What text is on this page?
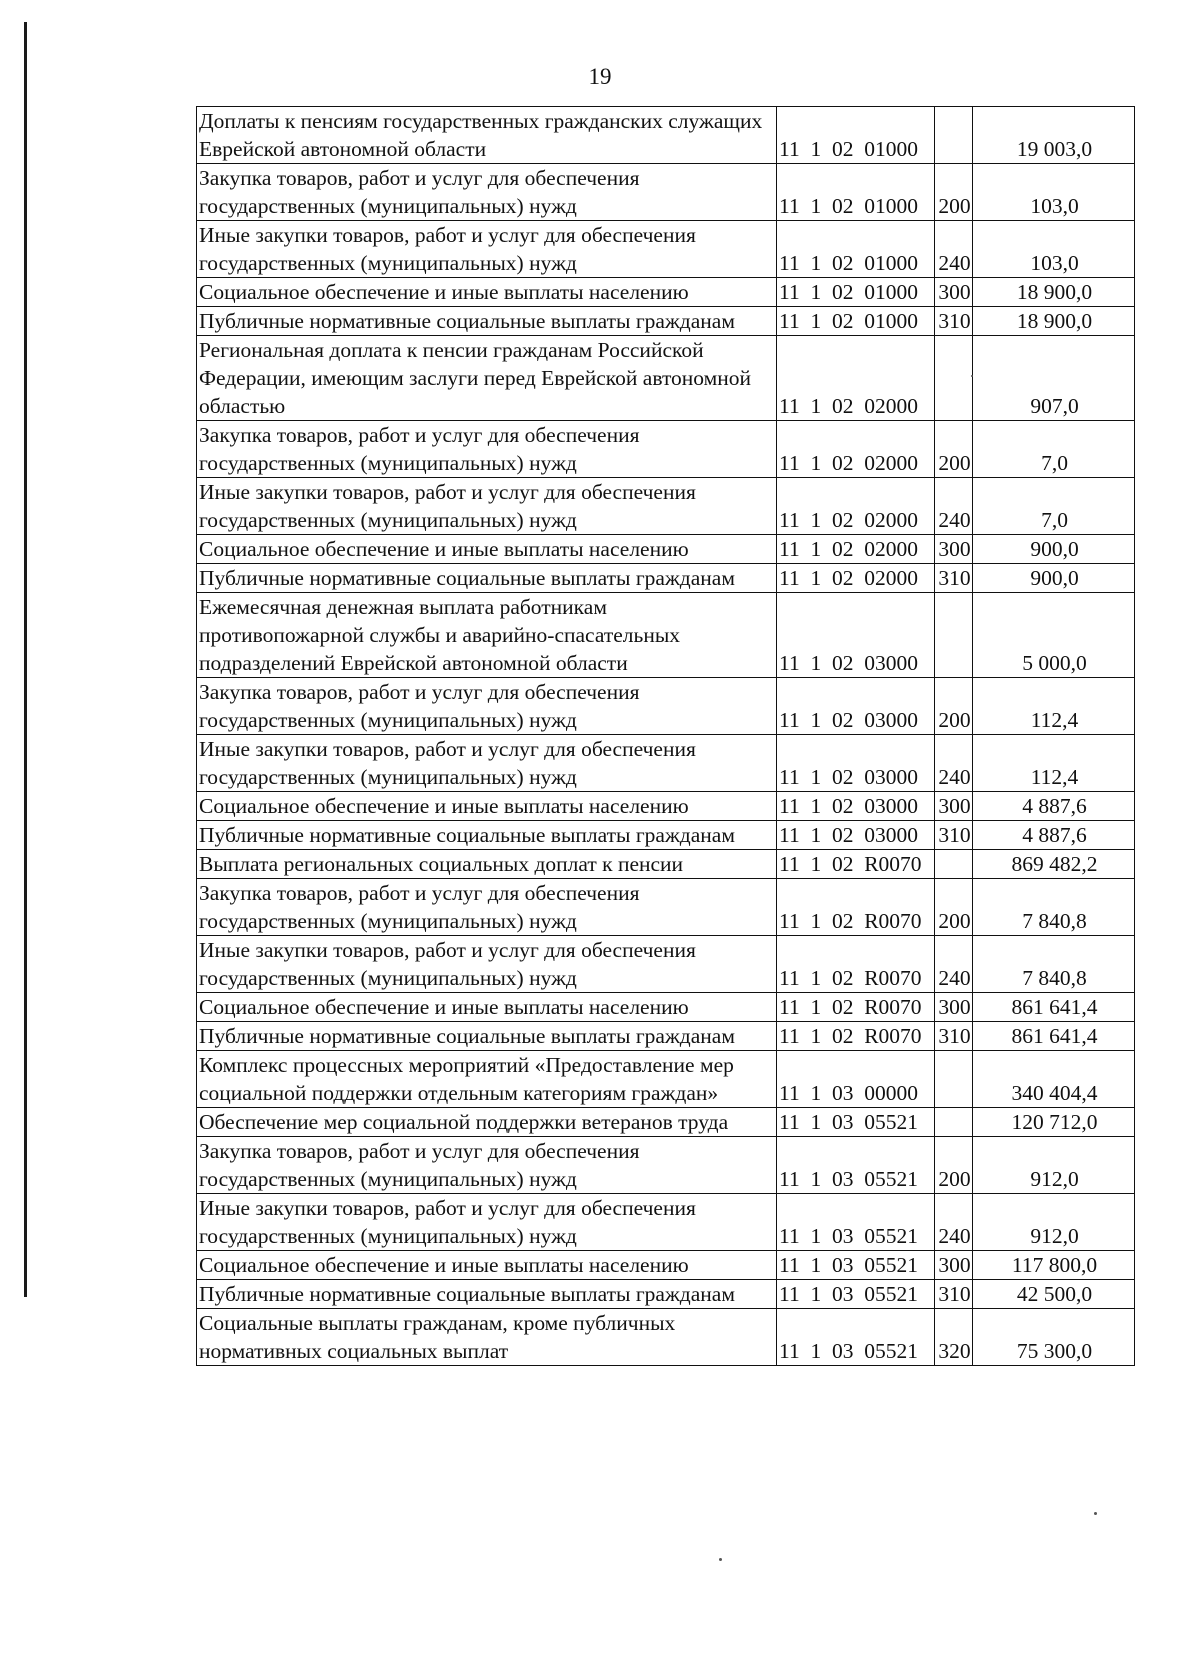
19
Доплаты к пенсиям государственных гражданских служащих Еврейской автономной области	11  1  02  01000		19 003,0
Закупка товаров, работ и услуг для обеспечения государственных (муниципальных) нужд	11  1  02  01000	200	103,0
Иные закупки товаров, работ и услуг для обеспечения государственных (муниципальных) нужд	11  1  02  01000	240	103,0
Социальное обеспечение и иные выплаты населению	11  1  02  01000	300	18 900,0
Публичные нормативные социальные выплаты гражданам	11  1  02  01000	310	18 900,0
Региональная доплата к пенсии гражданам Российской Федерации, имеющим заслуги перед Еврейской автономной областью	11  1  02  02000		907,0
Закупка товаров, работ и услуг для обеспечения государственных (муниципальных) нужд	11  1  02  02000	200	7,0
Иные закупки товаров, работ и услуг для обеспечения государственных (муниципальных) нужд	11  1  02  02000	240	7,0
Социальное обеспечение и иные выплаты населению	11  1  02  02000	300	900,0
Публичные нормативные социальные выплаты гражданам	11  1  02  02000	310	900,0
Ежемесячная денежная выплата работникам противопожарной службы и аварийно-спасательных подразделений Еврейской автономной области	11  1  02  03000		5 000,0
Закупка товаров, работ и услуг для обеспечения государственных (муниципальных) нужд	11  1  02  03000	200	112,4
Иные закупки товаров, работ и услуг для обеспечения государственных (муниципальных) нужд	11  1  02  03000	240	112,4
Социальное обеспечение и иные выплаты населению	11  1  02  03000	300	4 887,6
Публичные нормативные социальные выплаты гражданам	11  1  02  03000	310	4 887,6
Выплата региональных социальных доплат к пенсии	11  1  02  R0070		869 482,2
Закупка товаров, работ и услуг для обеспечения государственных (муниципальных) нужд	11  1  02  R0070	200	7 840,8
Иные закупки товаров, работ и услуг для обеспечения государственных (муниципальных) нужд	11  1  02  R0070	240	7 840,8
Социальное обеспечение и иные выплаты населению	11  1  02  R0070	300	861 641,4
Публичные нормативные социальные выплаты гражданам	11  1  02  R0070	310	861 641,4
Комплекс процессных мероприятий «Предоставление мер социальной поддержки отдельным категориям граждан»	11  1  03  00000		340 404,4
Обеспечение мер социальной поддержки ветеранов труда	11  1  03  05521		120 712,0
Закупка товаров, работ и услуг для обеспечения государственных (муниципальных) нужд	11  1  03  05521	200	912,0
Иные закупки товаров, работ и услуг для обеспечения государственных (муниципальных) нужд	11  1  03  05521	240	912,0
Социальное обеспечение и иные выплаты населению	11  1  03  05521	300	117 800,0
Публичные нормативные социальные выплаты гражданам	11  1  03  05521	310	42 500,0
Социальные выплаты гражданам, кроме публичных нормативных социальных выплат	11  1  03  05521	320	75 300,0
